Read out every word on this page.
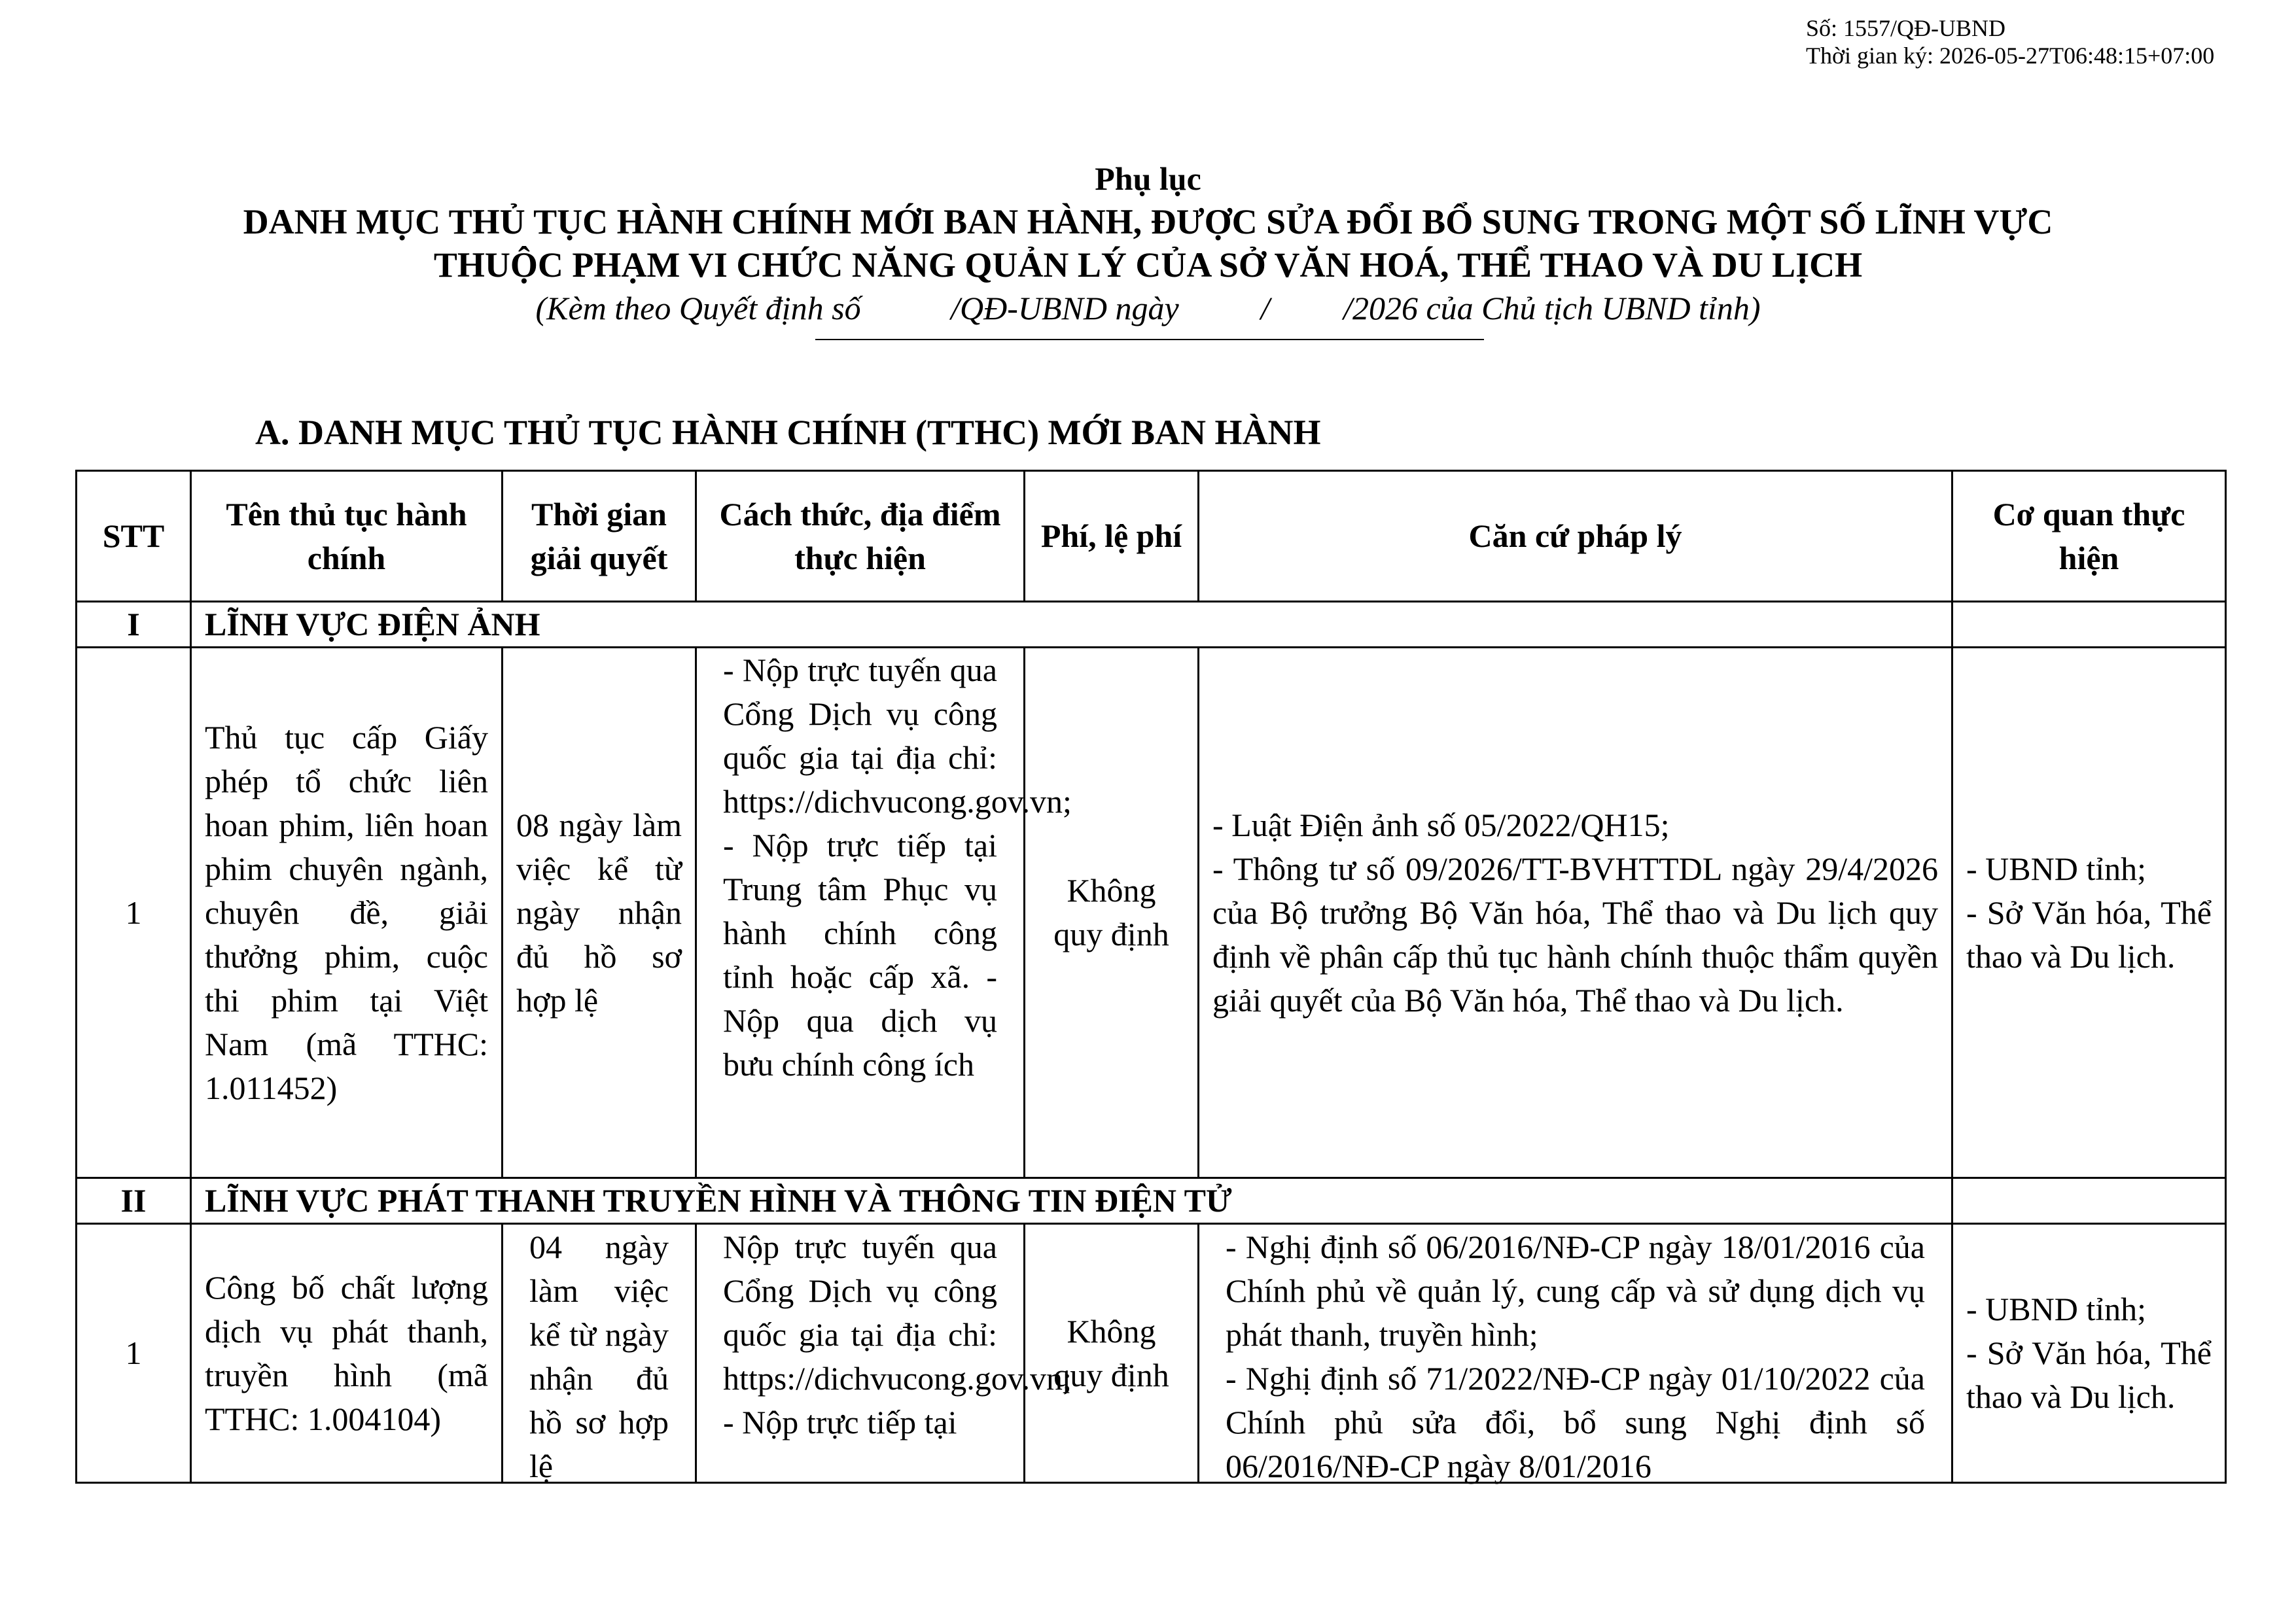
Số: 1557/QĐ-UBND
Thời gian ký: 2026-05-27T06:48:15+07:00
Phụ lục
DANH MỤC THỦ TỤC HÀNH CHÍNH MỚI BAN HÀNH, ĐƯỢC SỬA ĐỔI BỔ SUNG TRONG MỘT SỐ LĨNH VỰC
THUỘC PHẠM VI CHỨC NĂNG QUẢN LÝ CỦA SỞ VĂN HOÁ, THỂ THAO VÀ DU LỊCH
(Kèm theo Quyết định số           /QĐ-UBND ngày          /         /2026 của Chủ tịch UBND tỉnh)
A. DANH MỤC THỦ TỤC HÀNH CHÍNH (TTHC) MỚI BAN HÀNH
STT	Tên thủ tục hành chính	Thời gian giải quyết	Cách thức, địa điểm thực hiện	Phí, lệ phí	Căn cứ pháp lý	Cơ quan thực hiện
I	LĨNH VỰC ĐIỆN ẢNH					
1	Thủ tục cấp Giấy phép tổ chức liên hoan phim, liên hoan phim chuyên ngành, chuyên đề, giải thưởng phim, cuộc thi phim tại Việt Nam (mã TTHC: 1.011452)	08 ngày làm việc kể từ ngày nhận đủ hồ sơ hợp lệ	- Nộp trực tuyến qua Cổng Dịch vụ công quốc gia tại địa chỉ: https://dichvucong.gov.vn; - Nộp trực tiếp tại Trung tâm Phục vụ hành chính công tỉnh hoặc cấp xã. - Nộp qua dịch vụ bưu chính công ích	Không quy định	- Luật Điện ảnh số 05/2022/QH15;
- Thông tư số 09/2026/TT-BVHTTDL ngày 29/4/2026 của Bộ trưởng Bộ Văn hóa, Thể thao và Du lịch quy định về phân cấp thủ tục hành chính thuộc thẩm quyền giải quyết của Bộ Văn hóa, Thể thao và Du lịch.	- UBND tỉnh;
- Sở Văn hóa, Thể thao và Du lịch.

II	LĨNH VỰC PHÁT THANH TRUYỀN HÌNH VÀ THÔNG TIN ĐIỆN TỬ					
1	Công bố chất lượng dịch vụ phát thanh, truyền hình (mã TTHC: 1.004104)	04 ngày làm việc kể từ ngày nhận đủ hồ sơ hợp lệ	Nộp trực tuyến qua Cổng Dịch vụ công quốc gia tại địa chỉ: https://dichvucong.gov.vn; - Nộp trực tiếp tại	Không quy định	- Nghị định số 06/2016/NĐ-CP ngày 18/01/2016 của Chính phủ về quản lý, cung cấp và sử dụng dịch vụ phát thanh, truyền hình;
- Nghị định số 71/2022/NĐ-CP ngày 01/10/2022 của Chính phủ sửa đổi, bổ sung Nghị định số 06/2016/NĐ-CP ngày 8/01/2016	- UBND tỉnh;
- Sở Văn hóa, Thể thao và Du lịch.
